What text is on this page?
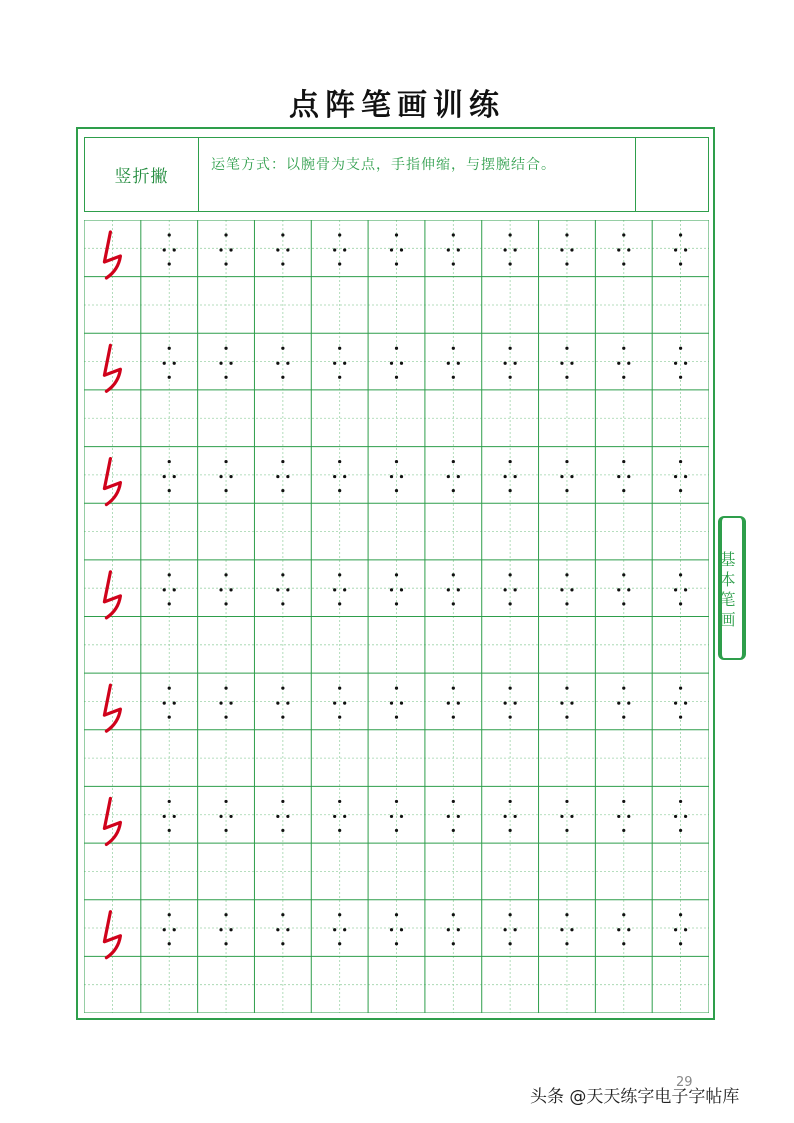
点阵笔画训练
竖折撇
运笔方式：以腕骨为支点，手指伸缩，与摆腕结合。
基本笔画
29
头条 @天天练字电子字帖库
